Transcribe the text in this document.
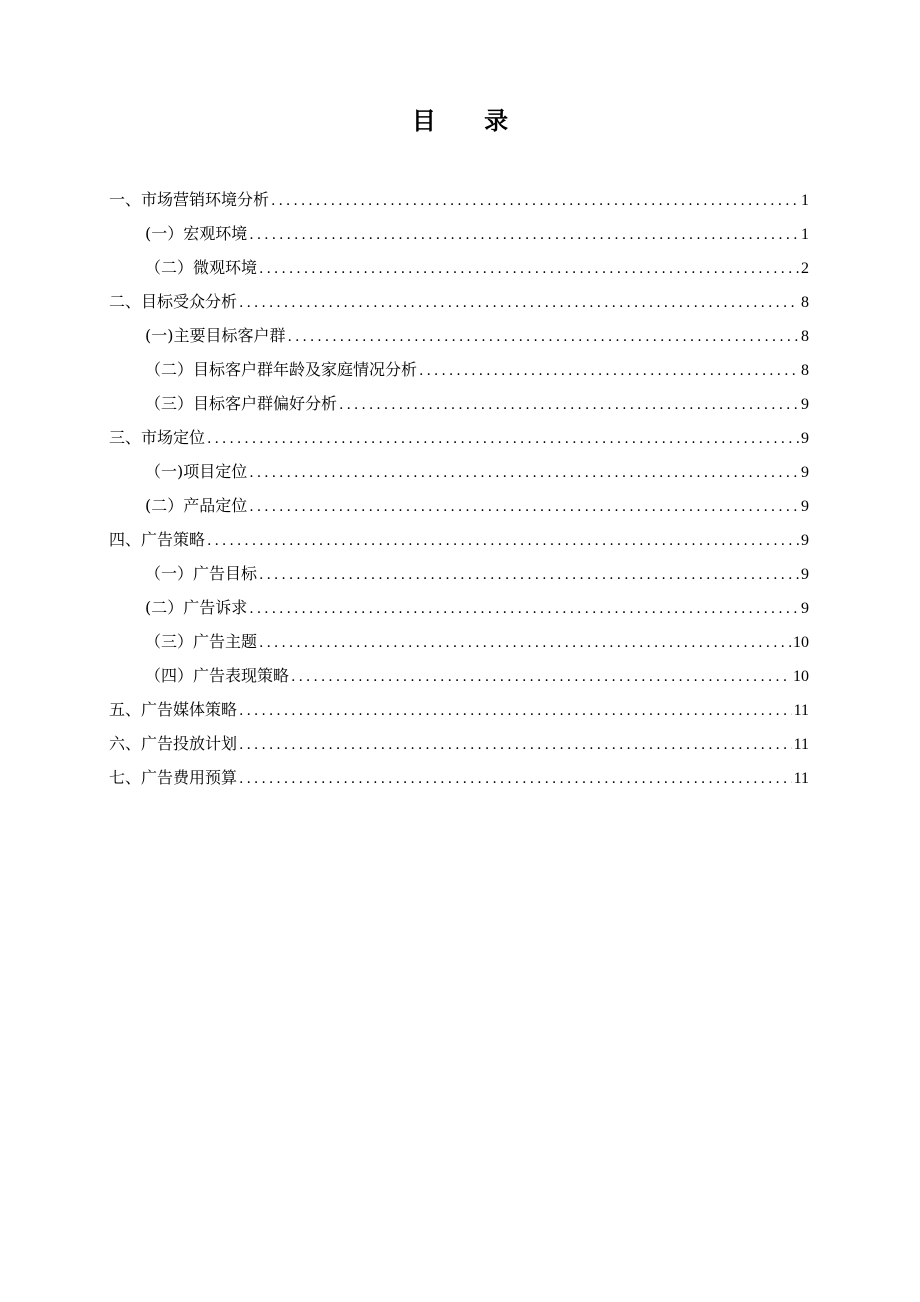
目 录
一、市场营销环境分析 .....	1
(一）宏观环境 .....	1
（二）微观环境 .....	2
二、目标受众分析 .....	8
(一)主要目标客户群 .....	8
（二）目标客户群年龄及家庭情况分析 .....	8
（三）目标客户群偏好分析 .....	9
三、市场定位 .....	9
（一)项目定位 .....	9
(二）产品定位 .....	9
四、广告策略 .....	9
（一）广告目标 .....	9
(二）广告诉求 .....	9
（三）广告主题 .....	10
（四）广告表现策略 .....	10
五、广告媒体策略 .....	11
六、广告投放计划 .....	11
七、广告费用预算 .....	11
